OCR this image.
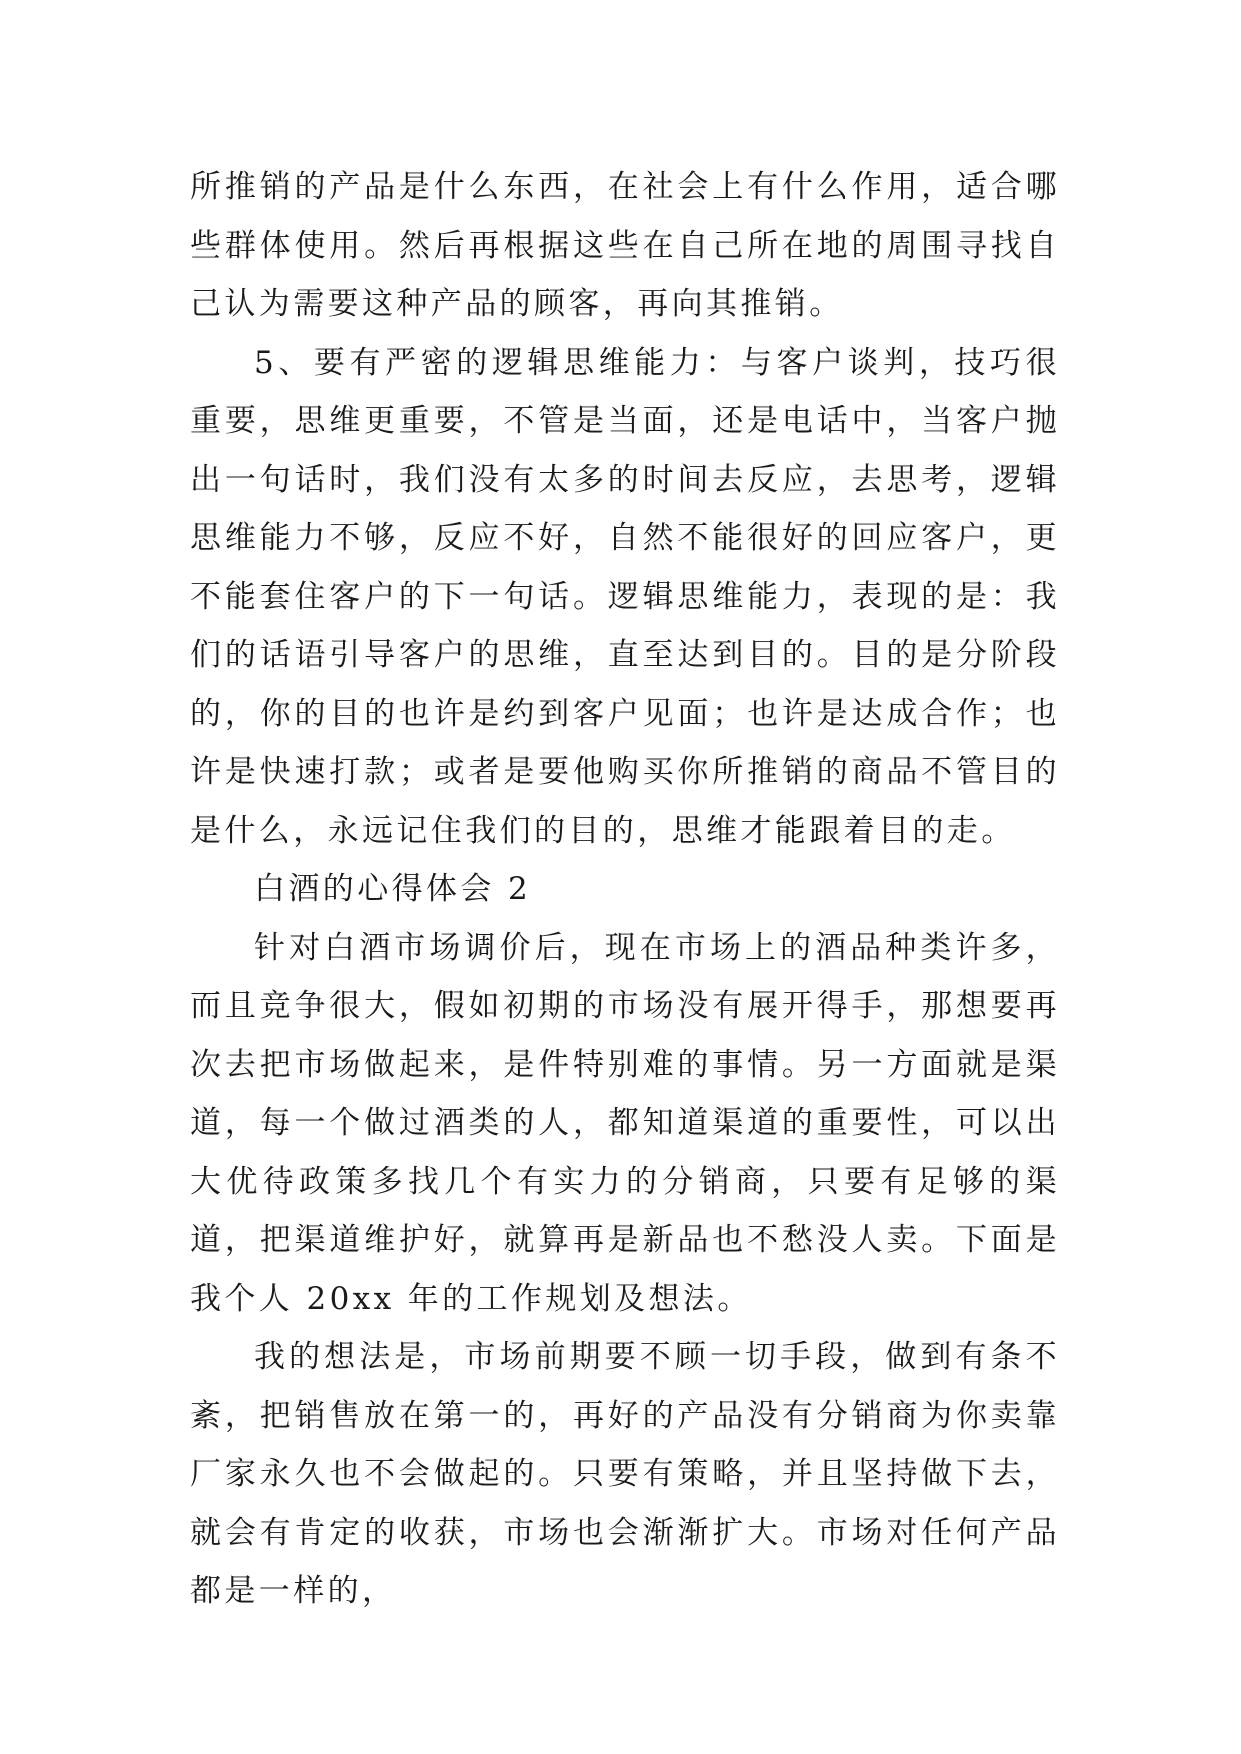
所推销的产品是什么东西，在社会上有什么作用，适合哪些群体使用。然后再根据这些在自己所在地的周围寻找自己认为需要这种产品的顾客，再向其推销。

5、要有严密的逻辑思维能力：与客户谈判，技巧很重要，思维更重要，不管是当面，还是电话中，当客户抛出一句话时，我们没有太多的时间去反应，去思考，逻辑思维能力不够，反应不好，自然不能很好的回应客户，更不能套住客户的下一句话。逻辑思维能力，表现的是：我们的话语引导客户的思维，直至达到目的。目的是分阶段的，你的目的也许是约到客户见面；也许是达成合作；也许是快速打款；或者是要他购买你所推销的商品不管目的是什么，永远记住我们的目的，思维才能跟着目的走。

白酒的心得体会 2

针对白酒市场调价后，现在市场上的酒品种类许多，而且竞争很大，假如初期的市场没有展开得手，那想要再次去把市场做起来，是件特别难的事情。另一方面就是渠道，每一个做过酒类的人，都知道渠道的重要性，可以出大优待政策多找几个有实力的分销商，只要有足够的渠道，把渠道维护好，就算再是新品也不愁没人卖。下面是我个人 20xx 年的工作规划及想法。

我的想法是，市场前期要不顾一切手段，做到有条不紊，把销售放在第一的，再好的产品没有分销商为你卖靠厂家永久也不会做起的。只要有策略，并且坚持做下去，就会有肯定的收获，市场也会渐渐扩大。市场对任何产品都是一样的，
